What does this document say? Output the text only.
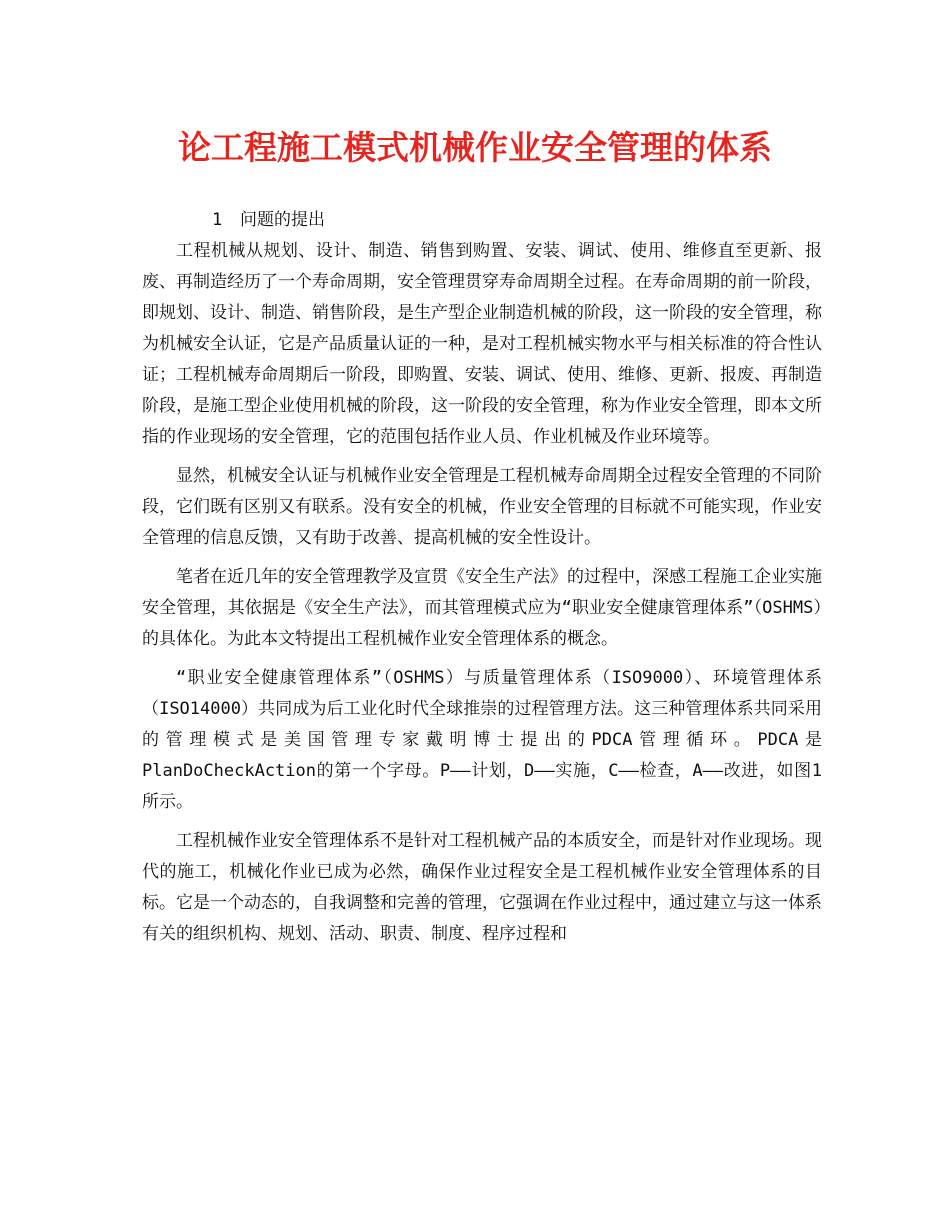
论工程施工模式机械作业安全管理的体系

1 问题的提出

工程机械从规划、设计、制造、销售到购置、安装、调试、使用、维修直至更新、报废、再制造经历了一个寿命周期，安全管理贯穿寿命周期全过程。在寿命周期的前一阶段，即规划、设计、制造、销售阶段，是生产型企业制造机械的阶段，这一阶段的安全管理，称为机械安全认证，它是产品质量认证的一种，是对工程机械实物水平与相关标准的符合性认证；工程机械寿命周期后一阶段，即购置、安装、调试、使用、维修、更新、报废、再制造阶段，是施工型企业使用机械的阶段，这一阶段的安全管理，称为作业安全管理，即本文所指的作业现场的安全管理，它的范围包括作业人员、作业机械及作业环境等。

显然，机械安全认证与机械作业安全管理是工程机械寿命周期全过程安全管理的不同阶段，它们既有区别又有联系。没有安全的机械，作业安全管理的目标就不可能实现，作业安全管理的信息反馈，又有助于改善、提高机械的安全性设计。

笔者在近几年的安全管理教学及宣贯《安全生产法》的过程中，深感工程施工企业实施安全管理，其依据是《安全生产法》，而其管理模式应为“职业安全健康管理体系”（OSHMS）的具体化。为此本文特提出工程机械作业安全管理体系的概念。

“职业安全健康管理体系”（OSHMS）与质量管理体系（ISO9000）、环境管理体系（ISO14000）共同成为后工业化时代全球推崇的过程管理方法。这三种管理体系共同采用的管理模式是美国管理专家戴明博士提出的PDCA管理循环。PDCA是PlanDoCheckAction的第一个字母。P——计划，D——实施，C——检查，A——改进，如图1所示。

工程机械作业安全管理体系不是针对工程机械产品的本质安全，而是针对作业现场。现代的施工，机械化作业已成为必然，确保作业过程安全是工程机械作业安全管理体系的目标。它是一个动态的，自我调整和完善的管理，它强调在作业过程中，通过建立与这一体系有关的组织机构、规划、活动、职责、制度、程序过程和
